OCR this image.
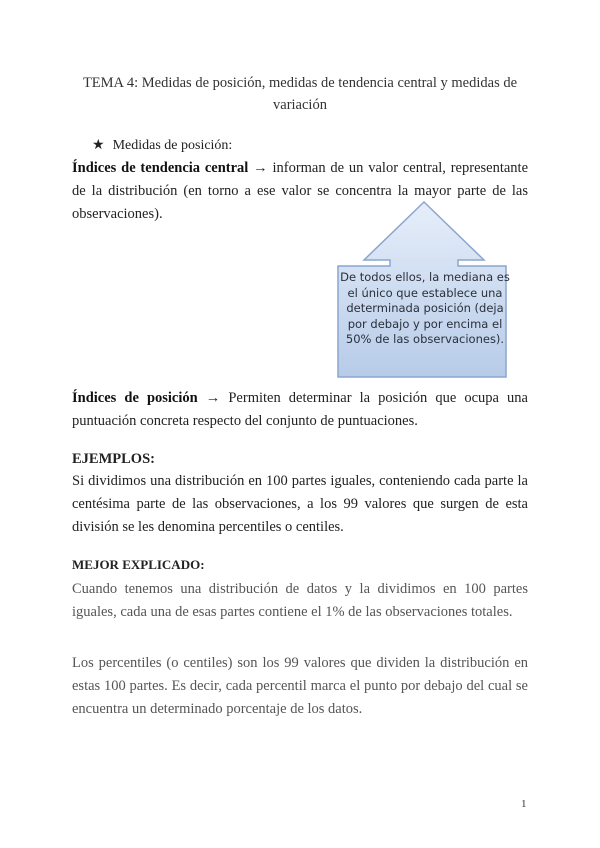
TEMA 4: Medidas de posición, medidas de tendencia central y medidas de variación
★ Medidas de posición:
Índices de tendencia central → informan de un valor central, representante de la distribución (en torno a ese valor se concentra la mayor parte de las observaciones).
De todos ellos, la mediana es el único que establece una determinada posición (deja por debajo y por encima el 50% de las observaciones).
Índices de posición → Permiten determinar la posición que ocupa una puntuación concreta respecto del conjunto de puntuaciones.
EJEMPLOS:
Si dividimos una distribución en 100 partes iguales, conteniendo cada parte la centésima parte de las observaciones, a los 99 valores que surgen de esta división se les denomina percentiles o centiles.
MEJOR EXPLICADO:
Cuando tenemos una distribución de datos y la dividimos en 100 partes iguales, cada una de esas partes contiene el 1% de las observaciones totales.
Los percentiles (o centiles) son los 99 valores que dividen la distribución en estas 100 partes. Es decir, cada percentil marca el punto por debajo del cual se encuentra un determinado porcentaje de los datos.
1
